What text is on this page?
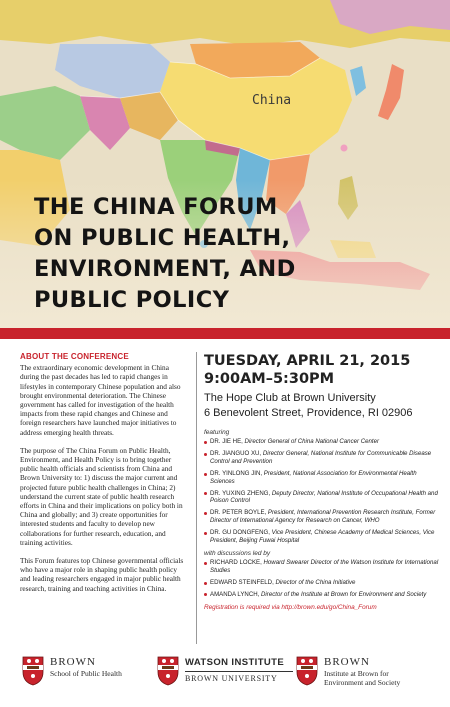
China
THE CHINA FORUM
ON PUBLIC HEALTH,
ENVIRONMENT, AND
PUBLIC POLICY
ABOUT THE CONFERENCE

The extraordinary economic development in China during the past decades has led to rapid changes in lifestyles in contemporary Chinese population and also brought environmental deterioration. The Chinese government has called for investigation of the health impacts from these rapid changes and Chinese and foreign researchers have launched major initiatives to address emerging health threats.

The purpose of The China Forum on Public Health, Environment, and Health Policy is to bring together public health officials and scientists from China and Brown University to: 1) discuss the major current and projected future public health challenges in China; 2) understand the current state of public health research efforts in China and their implications on policy both in China and globally; and 3) create opportunities for interested students and faculty to develop new collaborations for further research, education, and training activities.

This Forum features top Chinese governmental officials who have a major role in shaping public health policy and leading researchers engaged in major public health research, training and teaching activities in China.

TUESDAY, APRIL 21, 2015
9:00AM–5:30PM
The Hope Club at Brown University
6 Benevolent Street, Providence, RI 02906
featuring
DR. JIE HE, Director General of China National Cancer Center
DR. JIANGUO XU, Director General, National Institute for Communicable Disease Control and Prevention
DR. YINLONG JIN, President, National Association for Environmental Health Sciences
DR. YUXING ZHENG, Deputy Director, National Institute of Occupational Health and Poison Control
DR. PETER BOYLE, President, International Prevention Research Institute, Former Director of International Agency for Research on Cancer, WHO
DR. GU DONGFENG, Vice President, Chinese Academy of Medical Sciences, Vice President, Beijing Fuwai Hospital
with discussions led by
RICHARD LOCKE, Howard Swearer Director of the Watson Institute for International Studies
EDWARD STEINFELD, Director of the China Initiative
AMANDA LYNCH, Director of the Institute at Brown for Environment and Society
Registration is required via http://brown.edu/go/China_Forum
BROWN
School of Public Health
WATSON INSTITUTE
BROWN UNIVERSITY
BROWN
Institute at Brown for
Environment and Society
